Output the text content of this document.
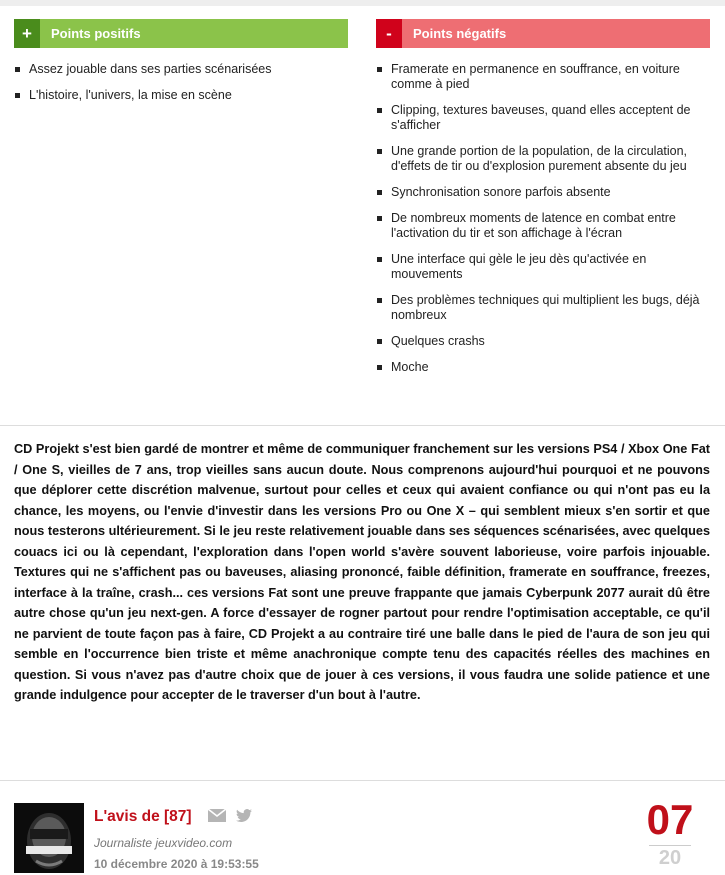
+	Points positifs
Assez jouable dans ses parties scénarisées
L'histoire, l'univers, la mise en scène
-	Points négatifs
Framerate en permanence en souffrance, en voiture comme à pied
Clipping, textures baveuses, quand elles acceptent de s'afficher
Une grande portion de la population, de la circulation, d'effets de tir ou d'explosion purement absente du jeu
Synchronisation sonore parfois absente
De nombreux moments de latence en combat entre l'activation du tir et son affichage à l'écran
Une interface qui gèle le jeu dès qu'activée en mouvements
Des problèmes techniques qui multiplient les bugs, déjà nombreux
Quelques crashs
Moche

CD Projekt s'est bien gardé de montrer et même de communiquer franchement sur les versions PS4 / Xbox One Fat / One S, vieilles de 7 ans, trop vieilles sans aucun doute. Nous comprenons aujourd'hui pourquoi et ne pouvons que déplorer cette discrétion malvenue, surtout pour celles et ceux qui avaient confiance ou qui n'ont pas eu la chance, les moyens, ou l'envie d'investir dans les versions Pro ou One X – qui semblent mieux s'en sortir et que nous testerons ultérieurement. Si le jeu reste relativement jouable dans ses séquences scénarisées, avec quelques couacs ici ou là cependant, l'exploration dans l'open world s'avère souvent laborieuse, voire parfois injouable. Textures qui ne s'affichent pas ou baveuses, aliasing prononcé, faible définition, framerate en souffrance, freezes, interface à la traîne, crash... ces versions Fat sont une preuve frappante que jamais Cyberpunk 2077 aurait dû être autre chose qu'un jeu next-gen. A force d'essayer de rogner partout pour rendre l'optimisation acceptable, ce qu'il ne parvient de toute façon pas à faire, CD Projekt a au contraire tiré une balle dans le pied de l'aura de son jeu qui semble en l'occurrence bien triste et même anachronique compte tenu des capacités réelles des machines en question. Si vous n'avez pas d'autre choix que de jouer à ces versions, il vous faudra une solide patience et une grande indulgence pour accepter de le traverser d'un bout à l'autre.

L'avis de [87]
Journaliste jeuxvideo.com
10 décembre 2020 à 19:53:55
07
20
